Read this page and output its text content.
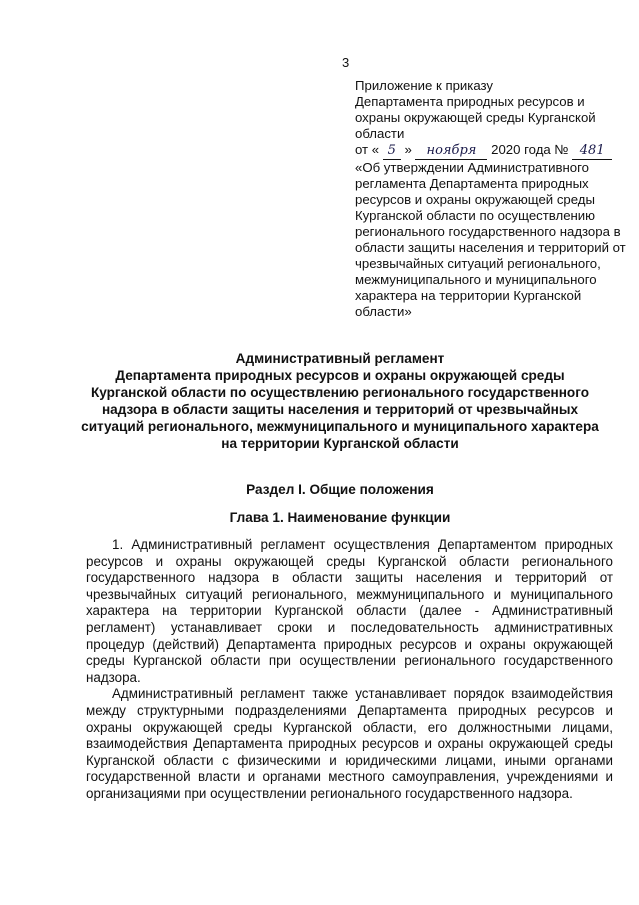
3
Приложение к приказу
Департамента природных ресурсов и
охраны окружающей среды Курганской
области
от « 5 » ноября 2020 года № 481
«Об утверждении Административного регламента Департамента природных ресурсов и охраны окружающей среды Курганской области по осуществлению регионального государственного надзора в области защиты населения и территорий от чрезвычайных ситуаций регионального, межмуниципального и муниципального характера на территории Курганской области»
Административный регламент
Департамента природных ресурсов и охраны окружающей среды
Курганской области по осуществлению регионального государственного
надзора в области защиты населения и территорий от чрезвычайных
ситуаций регионального, межмуниципального и муниципального характера
на территории Курганской области
Раздел I. Общие положения
Глава 1. Наименование функции

1. Административный регламент осуществления Департаментом природных ресурсов и охраны окружающей среды Курганской области регионального государственного надзора в области защиты населения и территорий от чрезвычайных ситуаций регионального, межмуниципального и муниципального характера на территории Курганской области (далее - Административный регламент) устанавливает сроки и последовательность административных процедур (действий) Департамента природных ресурсов и охраны окружающей среды Курганской области при осуществлении регионального государственного надзора.

Административный регламент также устанавливает порядок взаимодействия между структурными подразделениями Департамента природных ресурсов и охраны окружающей среды Курганской области, его должностными лицами, взаимодействия Департамента природных ресурсов и охраны окружающей среды Курганской области с физическими и юридическими лицами, иными органами государственной власти и органами местного самоуправления, учреждениями и организациями при осуществлении регионального государственного надзора.
